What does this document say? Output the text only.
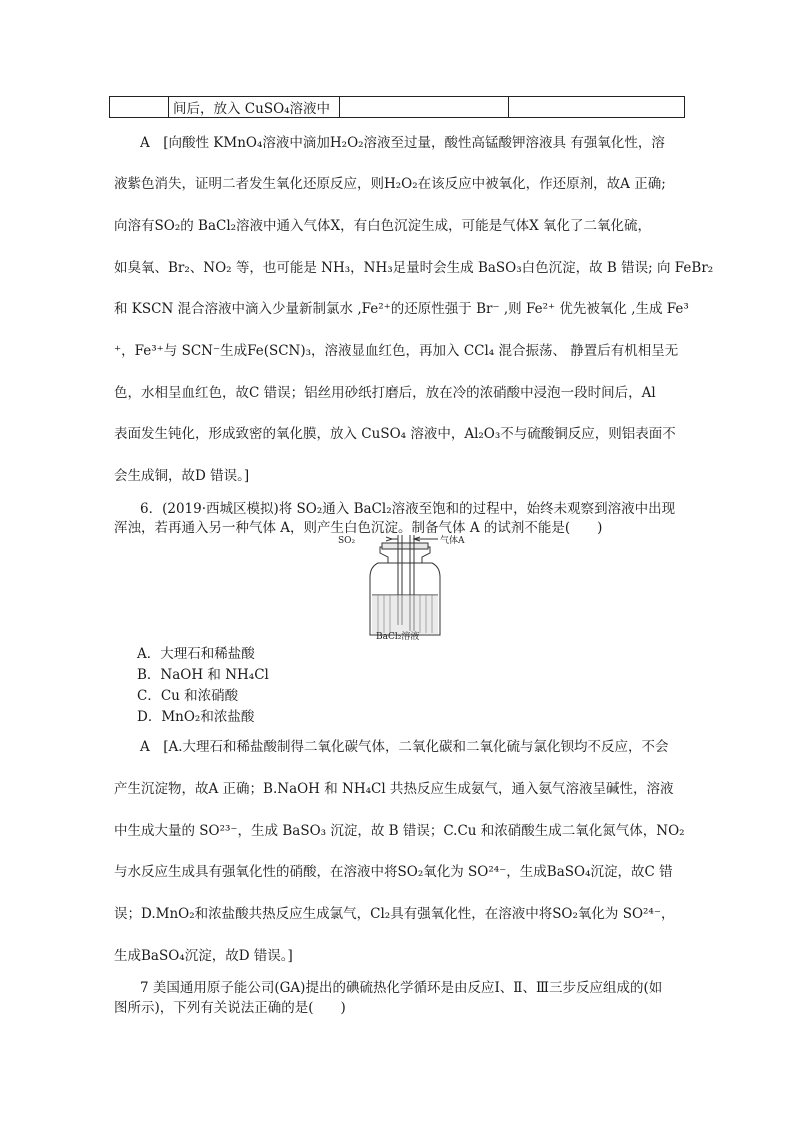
	间后，放入 CuSO₄溶液中		
A　[向酸性 KMnO₄溶液中滴加H₂O₂溶液至过量，酸性高锰酸钾溶液具 有强氧化性，溶
液紫色消失，证明二者发生氧化还原反应，则H₂O₂在该反应中被氧化，作还原剂，故A 正确;
向溶有SO₂的 BaCl₂溶液中通入气体X，有白色沉淀生成，可能是气体X 氧化了二氧化硫，
如臭氧、Br₂、NO₂ 等，也可能是 NH₃，NH₃足量时会生成 BaSO₃白色沉淀，故 B 错误; 向 FeBr₂
和 KSCN 混合溶液中滴入少量新制氯水 ,Fe²⁺的还原性强于 Br⁻ ,则 Fe²⁺ 优先被氧化 ,生成 Fe³
⁺，Fe³⁺与 SCN⁻生成Fe(SCN)₃，溶液显血红色，再加入 CCl₄ 混合振荡、 静置后有机相呈无
色，水相呈血红色，故C 错误；铝丝用砂纸打磨后，放在冷的浓硝酸中浸泡一段时间后，Al
表面发生钝化，形成致密的氧化膜，放入 CuSO₄ 溶液中，Al₂O₃不与硫酸铜反应，则铝表面不
会生成铜，故D 错误。]
6．(2019·西城区模拟)将 SO₂通入 BaCl₂溶液至饱和的过程中，始终未观察到溶液中出现
浑浊，若再通入另一种气体 A，则产生白色沉淀。制备气体 A 的试剂不能是(　　)
SO₂	气体A
BaCl₂溶液
A．大理石和稀盐酸
B．NaOH 和 NH₄Cl
C．Cu 和浓硝酸
D．MnO₂和浓盐酸
A　[A.大理石和稀盐酸制得二氧化碳气体，二氧化碳和二氧化硫与氯化钡均不反应，不会
产生沉淀物，故A 正确；B.NaOH 和 NH₄Cl 共热反应生成氨气，通入氨气溶液呈碱性，溶液
中生成大量的 SO²³⁻，生成 BaSO₃ 沉淀，故 B 错误；C.Cu 和浓硝酸生成二氧化氮气体，NO₂
与水反应生成具有强氧化性的硝酸，在溶液中将SO₂氧化为 SO²⁴⁻，生成BaSO₄沉淀，故C 错
误；D.MnO₂和浓盐酸共热反应生成氯气，Cl₂具有强氧化性，在溶液中将SO₂氧化为 SO²⁴⁻，
生成BaSO₄沉淀，故D 错误。]
7 美国通用原子能公司(GA)提出的碘硫热化学循环是由反应Ⅰ、Ⅱ、Ⅲ三步反应组成的(如
图所示)，下列有关说法正确的是(　　)
